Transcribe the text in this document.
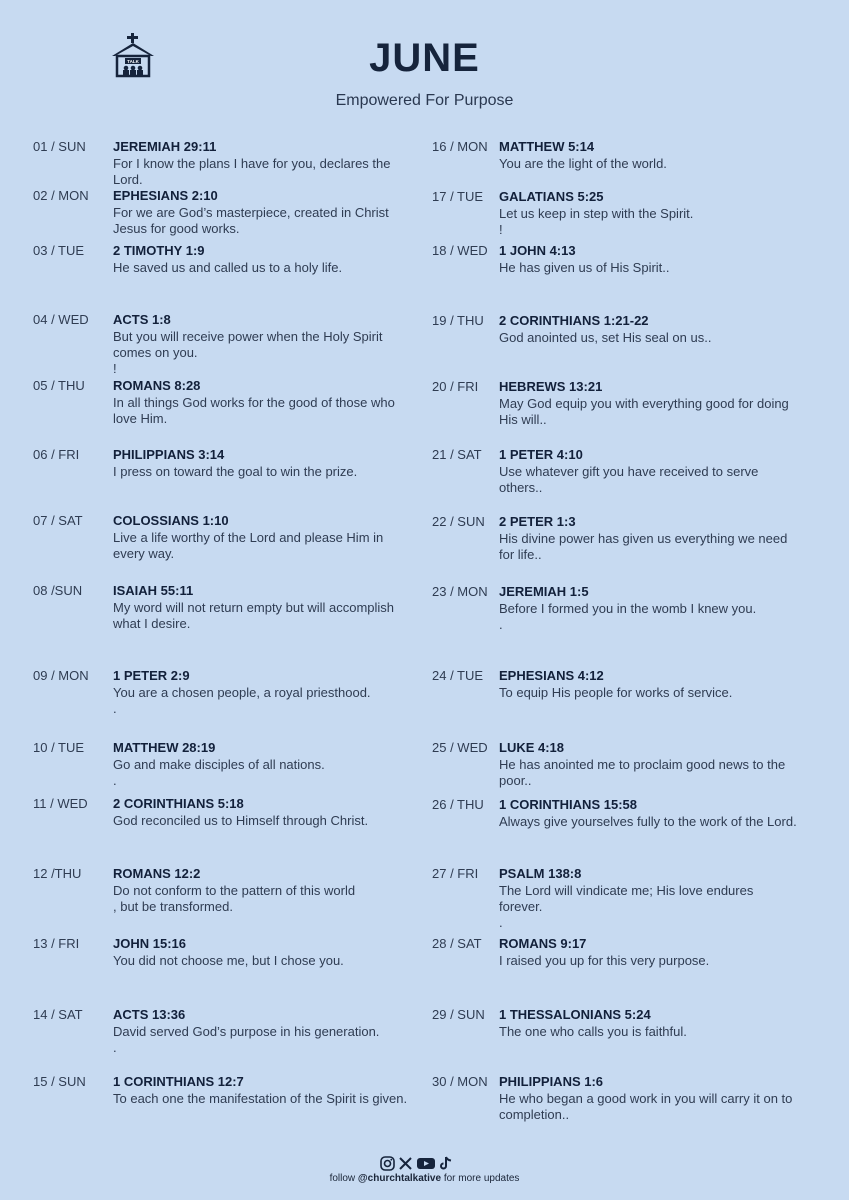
TALK	JUNE
Empowered For Purpose
01 / SUN JEREMIAH 29:11
For I know the plans I have for you, declares the Lord.
02 / MON EPHESIANS 2:10
For we are God’s masterpiece, created in Christ Jesus for good works.
03 / TUE 2 TIMOTHY 1:9
He saved us and called us to a holy life.
04 / WED ACTS 1:8
But you will receive power when the Holy Spirit comes on you.
!
05 / THU ROMANS 8:28
In all things God works for the good of those who love Him.
06 / FRI	PHILIPPIANS 3:14
I press on toward the goal to win the prize.
07 / SAT COLOSSIANS 1:10
Live a life worthy of the Lord and please Him in every way.
08 /SUN ISAIAH 55:11
My word will not return empty but will accomplish what I desire.
09 / MON 1 PETER 2:9
You are a chosen people, a royal priesthood.
.
10 / TUE MATTHEW 28:19
Go and make disciples of all nations.
.
11 / WED 2 CORINTHIANS 5:18
God reconciled us to Himself through Christ.
12 /THU ROMANS 12:2
Do not conform to the pattern of this world
, but be transformed.
13 / FRI	JOHN 15:16
You did not choose me, but I chose you.
14 / SAT ACTS 13:36
David served God’s purpose in his generation.
.
15 / SUN 1 CORINTHIANS 12:7
To each one the manifestation of the Spirit is given.
16 / MON MATTHEW 5:14
You are the light of the world.
17 / TUE GALATIANS 5:25
Let us keep in step with the Spirit.
!
18 / WED 1 JOHN 4:13
He has given us of His Spirit..
19 / THU 2 CORINTHIANS 1:21-22
God anointed us, set His seal on us..
20 / FRI HEBREWS 13:21
May God equip you with everything good for doing His will..
21 / SAT 1 PETER 4:10
Use whatever gift you have received to serve others..
22 / SUN 2 PETER 1:3
His divine power has given us everything we need for life..
23 / MON JEREMIAH 1:5
Before I formed you in the womb I knew you.
.
24 / TUE EPHESIANS 4:12
To equip His people for works of service.
25 / WED LUKE 4:18
He has anointed me to proclaim good news to the poor..
26 / THU 1 CORINTHIANS 15:58
Always give yourselves fully to the work of the Lord.
27 / FRI PSALM 138:8
The Lord will vindicate me; His love endures forever.
.
28 / SAT ROMANS 9:17
I raised you up for this very purpose.
29 / SUN 1 THESSALONIANS 5:24
The one who calls you is faithful.
30 / MON PHILIPPIANS 1:6
He who began a good work in you will carry it on to completion..
follow @churchtalkative for more updates
